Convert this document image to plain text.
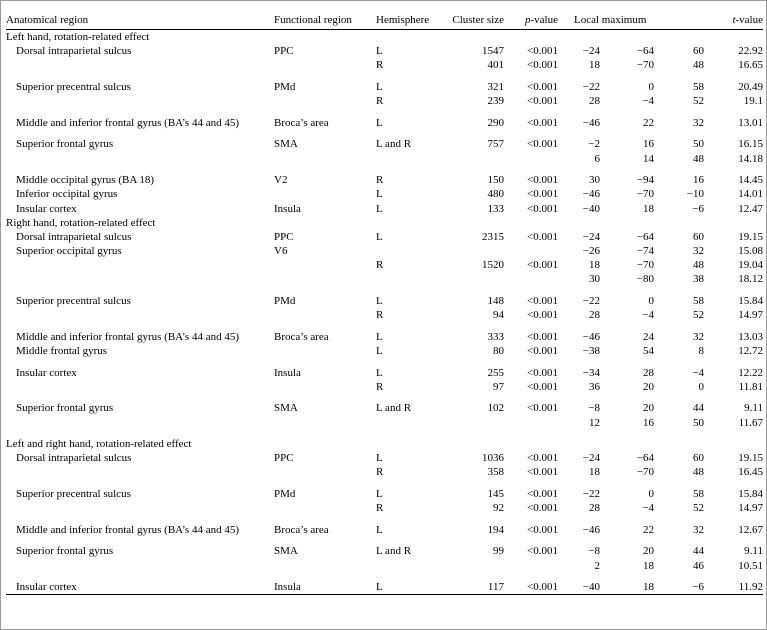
Anatomical region	Functional region	Hemisphere	Cluster size	p-value	Local maximum			t-value
Left hand, rotation-related effect								
Dorsal intraparietal sulcus	PPC	L	1547	<0.001	−24	−64	60	22.92
		R	401	<0.001	18	−70	48	16.65

Superior precentral sulcus	PMd	L	321	<0.001	−22	0	58	20.49
		R	239	<0.001	28	−4	52	19.1

Middle and inferior frontal gyrus (BA’s 44 and 45)	Broca’s area	L	290	<0.001	−46	22	32	13.01

Superior frontal gyrus	SMA	L and R	757	<0.001	−2	16	50	16.15
					6	14	48	14.18

Middle occipital gyrus (BA 18)	V2	R	150	<0.001	30	−94	16	14.45
Inferior occipital gyrus		L	480	<0.001	−46	−70	−10	14.01
Insular cortex	Insula	L	133	<0.001	−40	18	−6	12.47
Right hand, rotation-related effect								
Dorsal intraparietal sulcus	PPC	L	2315	<0.001	−24	−64	60	19.15
Superior occipital gyrus	V6				−26	−74	32	15.08
		R	1520	<0.001	18	−70	48	19.04
					30	−80	38	18.12

Superior precentral sulcus	PMd	L	148	<0.001	−22	0	58	15.84
		R	94	<0.001	28	−4	52	14.97

Middle and inferior frontal gyrus (BA’s 44 and 45)	Broca’s area	L	333	<0.001	−46	24	32	13.03
Middle frontal gyrus		L	80	<0.001	−38	54	8	12.72

Insular cortex	Insula	L	255	<0.001	−34	28	−4	12.22
		R	97	<0.001	36	20	0	11.81

Superior frontal gyrus	SMA	L and R	102	<0.001	−8	20	44	9.11
					12	16	50	11.67

Left and right hand, rotation-related effect								
Dorsal intraparietal sulcus	PPC	L	1036	<0.001	−24	−64	60	19.15
		R	358	<0.001	18	−70	48	16.45

Superior precentral sulcus	PMd	L	145	<0.001	−22	0	58	15.84
		R	92	<0.001	28	−4	52	14.97

Middle and inferior frontal gyrus (BA’s 44 and 45)	Broca’s area	L	194	<0.001	−46	22	32	12.67

Superior frontal gyrus	SMA	L and R	99	<0.001	−8	20	44	9.11
					2	18	46	10.51

Insular cortex	Insula	L	117	<0.001	−40	18	−6	11.92
